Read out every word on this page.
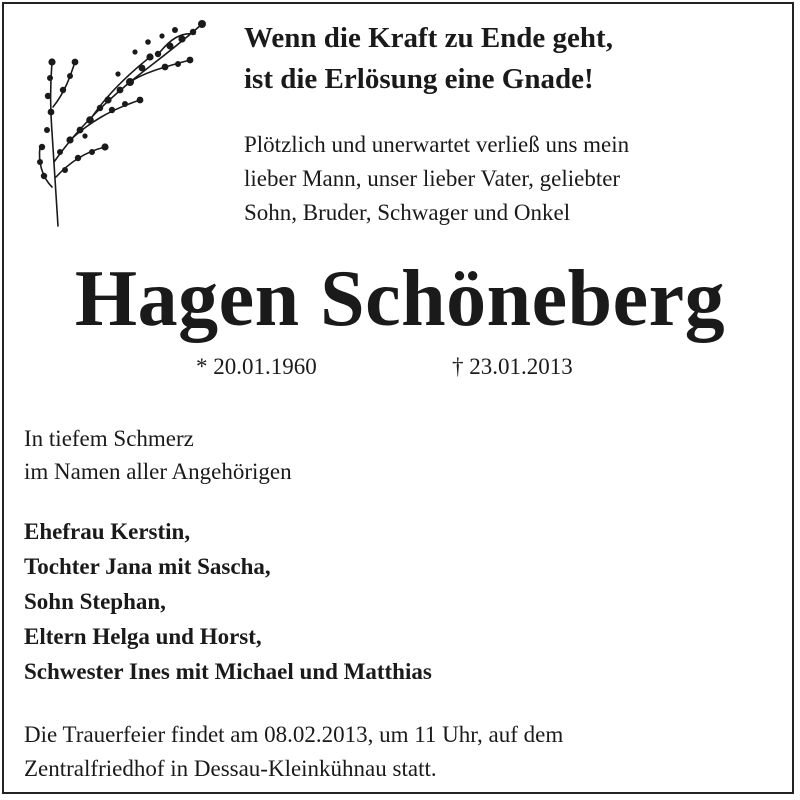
Wenn die Kraft zu Ende geht,
ist die Erlösung eine Gnade!
Plötzlich und unerwartet verließ uns mein
lieber Mann, unser lieber Vater, geliebter
Sohn, Bruder, Schwager und Onkel
Hagen Schöneberg
* 20.01.1960	† 23.01.2013
In tiefem Schmerz
im Namen aller Angehörigen
Ehefrau Kerstin,
Tochter Jana mit Sascha,
Sohn Stephan,
Eltern Helga und Horst,
Schwester Ines mit Michael und Matthias
Die Trauerfeier findet am 08.02.2013, um 11 Uhr, auf dem
Zentralfriedhof in Dessau-Kleinkühnau statt.
